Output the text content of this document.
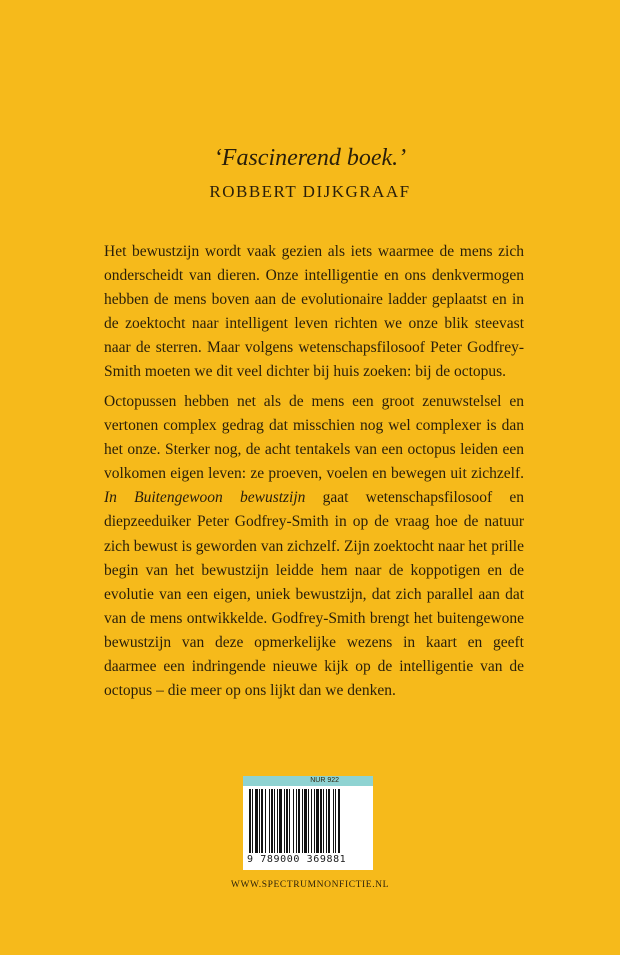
‘Fascinerend boek.’

ROBBERT DIJKGRAAF

Het bewustzijn wordt vaak gezien als iets waarmee de mens zich onderscheidt van dieren. Onze intelligentie en ons denkvermogen hebben de mens boven aan de evolutionaire ladder geplaatst en in de zoektocht naar intelligent leven richten we onze blik steevast naar de sterren. Maar volgens wetenschapsfilosoof Peter Godfrey-Smith moeten we dit veel dichter bij huis zoeken: bij de octopus.

Octopussen hebben net als de mens een groot zenuwstelsel en vertonen complex gedrag dat misschien nog wel complexer is dan het onze. Sterker nog, de acht tentakels van een octopus leiden een volkomen eigen leven: ze proeven, voelen en bewegen uit zichzelf. In Buitengewoon bewustzijn gaat wetenschapsfilosoof en diepzeeduiker Peter Godfrey-Smith in op de vraag hoe de natuur zich bewust is geworden van zichzelf. Zijn zoektocht naar het prille begin van het bewustzijn leidde hem naar de koppotigen en de evolutie van een eigen, uniek bewustzijn, dat zich parallel aan dat van de mens ontwikkelde. Godfrey-Smith brengt het buitengewone bewustzijn van deze opmerkelijke wezens in kaart en geeft daarmee een indringende nieuwe kijk op de intelligentie van de octopus – die meer op ons lijkt dan we denken.

NUR 922
9 789000 369881
WWW.SPECTRUMNONFICTIE.NL
